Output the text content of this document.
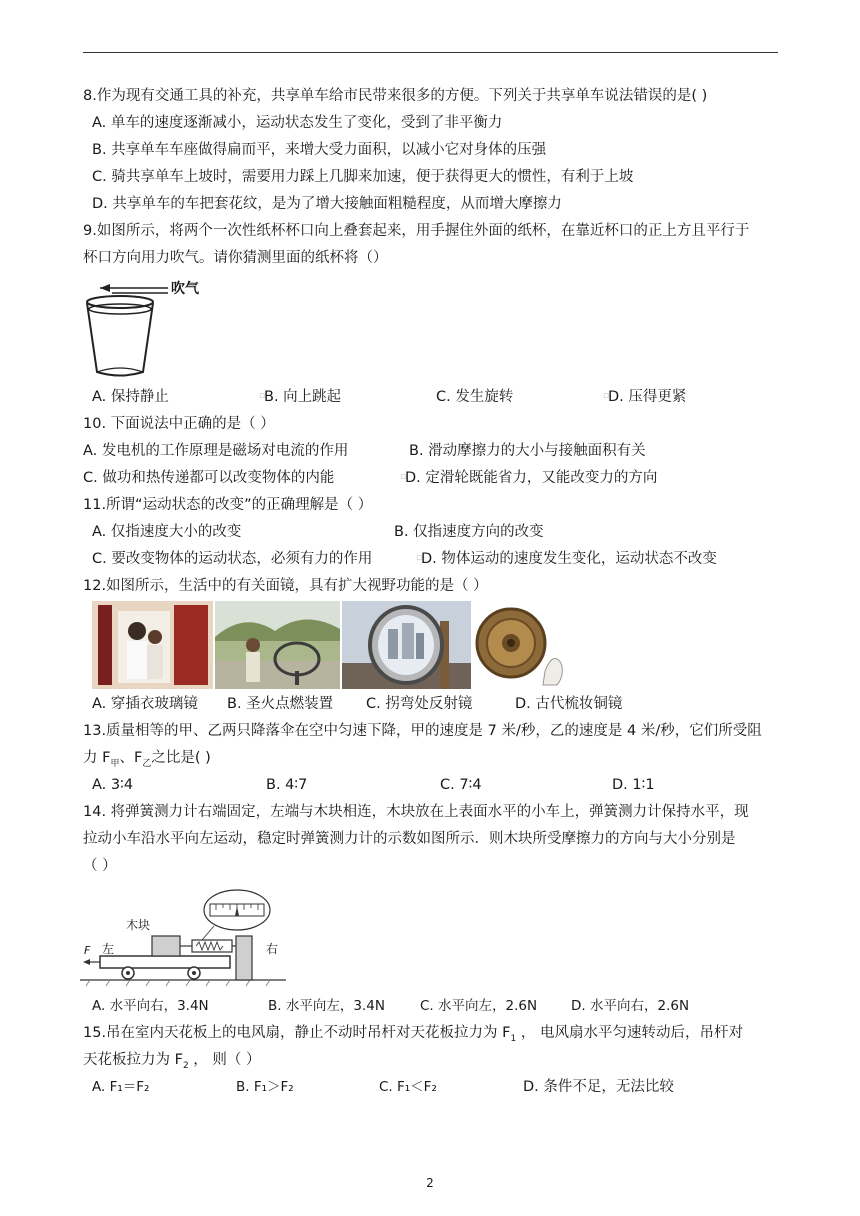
8.作为现有交通工具的补充，共享单车给市民带来很多的方便。下列关于共享单车说法错误的是( )
A. 单车的速度逐渐减小，运动状态发生了变化，受到了非平衡力
B. 共享单车车座做得扁而平，来增大受力面积，以减小它对身体的压强
C. 骑共享单车上坡时，需要用力踩上几脚来加速，便于获得更大的惯性，有利于上坡
D. 共享单车的车把套花纹，是为了增大接触面粗糙程度，从而增大摩擦力
9.如图所示，将两个一次性纸杯杯口向上叠套起来，用手握住外面的纸杯，在靠近杯口的正上方且平行于
杯口方向用力吹气。请你猜测里面的纸杯将（）
吹气
A. 保持静止	▫
B. 向上跳起	C. 发生旋转	▫
D. 压得更紧
10. 下面说法中正确的是（ ）
A. 发电机的工作原理是磁场对电流的作用	B. 滑动摩擦力的大小与接触面积有关
C. 做功和热传递都可以改变物体的内能	▫
D. 定滑轮既能省力，又能改变力的方向
11.所谓“运动状态的改变”的正确理解是（ ）
A. 仅指速度大小的改变	B. 仅指速度方向的改变
C. 要改变物体的运动状态，必须有力的作用	▫
D. 物体运动的速度发生变化，运动状态不改变
12.如图所示，生活中的有关面镜，具有扩大视野功能的是（ ）
A. 穿插衣玻璃镜 B. 圣火点燃装置 C. 拐弯处反射镜	D. 古代梳妆铜镜
13.质量相等的甲、乙两只降落伞在空中匀速下降，甲的速度是 7 米/秒，乙的速度是 4 米/秒，它们所受阻
力 $F_甲$、$F_乙$之比是( )
A. 3∶4	B. 4∶7	C. 7∶4	D. 1∶1
14. 将弹簧测力计右端固定，左端与木块相连，木块放在上表面水平的小车上，弹簧测力计保持水平，现
拉动小车沿水平向左运动，稳定时弹簧测力计的示数如图所示．则木块所受摩擦力的方向与大小分别是
（ ）
木块
左	右
F
A. 水平向右，3.4N	B. 水平向左，3.4N	C. 水平向左，2.6N	D. 水平向右，2.6N
15.吊在室内天花板上的电风扇，静止不动时吊杆对天花板拉力为 $F_1$ ， 电风扇水平匀速转动后，吊杆对
天花板拉力为 $F_2$ ， 则（ ）
A. F₁＝F₂	B. F₁＞F₂	C. F₁＜F₂	D. 条件不足，无法比较
2
